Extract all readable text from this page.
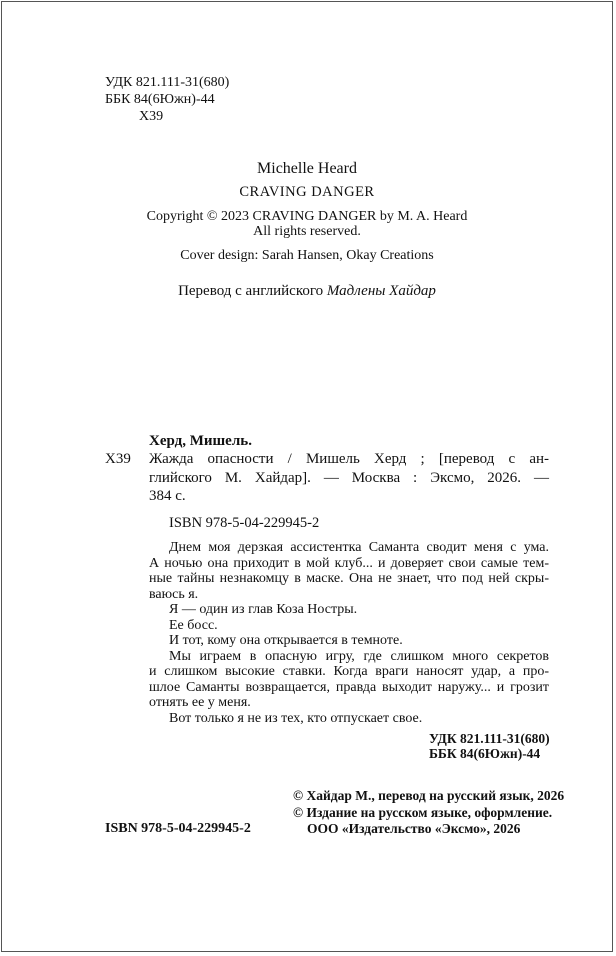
УДК 821.111-31(680)
ББК 84(6Южн)-44
Х39
Michelle Heard
CRAVING DANGER
Copyright © 2023 CRAVING DANGER by M. A. Heard
All rights reserved.
Cover design: Sarah Hansen, Okay Creations
Перевод с английского Мадлены Хайдар
Херд, Мишель.
Х39 Жажда опасности / Мишель Херд ; [перевод с ан-
глийского М. Хайдар]. — Москва : Эксмо, 2026. —
384 с.
ISBN 978-5-04-229945-2

Днем моя дерзкая ассистентка Саманта сводит меня с ума.

А ночью она приходит в мой клуб... и доверяет свои самые тем-

ные тайны незнакомцу в маске. Она не знает, что под ней скры-

ваюсь я.

Я — один из глав Коза Ностры.

Ее босс.

И тот, кому она открывается в темноте.

Мы играем в опасную игру, где слишком много секретов

и слишком высокие ставки. Когда враги наносят удар, а про-

шлое Саманты возвращается, правда выходит наружу... и грозит

отнять ее у меня.

Вот только я не из тех, кто отпускает свое.

УДК 821.111-31(680)
ББК 84(6Южн)-44
© Хайдар М., перевод на русский язык, 2026
© Издание на русском языке, оформление.
ООО «Издательство «Эксмо», 2026
ISBN 978-5-04-229945-2
